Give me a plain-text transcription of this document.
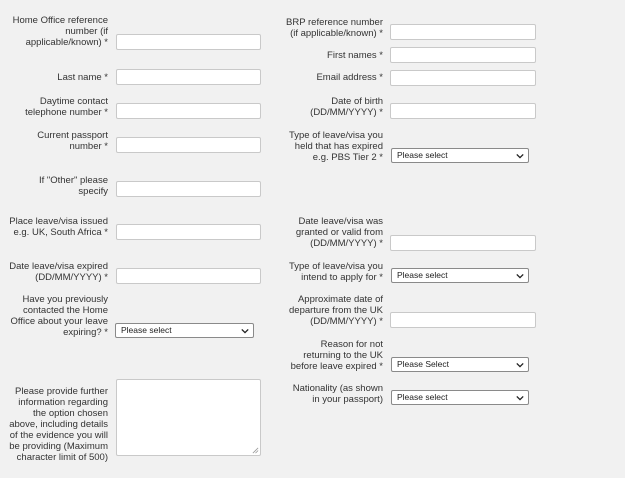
Home Office reference
number (if
applicable/known) *
Last name *
Daytime contact
telephone number *
Current passport
number *
If "Other" please
specify
Place leave/visa issued
e.g. UK, South Africa *
Date leave/visa expired
(DD/MM/YYYY) *
Have you previously
contacted the Home
Office about your leave
expiring? *	Please select
Please provide further
information regarding
the option chosen
above, including details
of the evidence you will
be providing (Maximum
character limit of 500)
BRP reference number
(if applicable/known) *
First names *
Email address *
Date of birth
(DD/MM/YYYY) *
Type of leave/visa you
held that has expired
e.g. PBS Tier 2 *	Please select
Date leave/visa was
granted or valid from
(DD/MM/YYYY) *
Type of leave/visa you
intend to apply for *	Please select
Approximate date of
departure from the UK
(DD/MM/YYYY) *
Reason for not
returning to the UK
before leave expired *	Please Select
Nationality (as shown
in your passport)	Please select
